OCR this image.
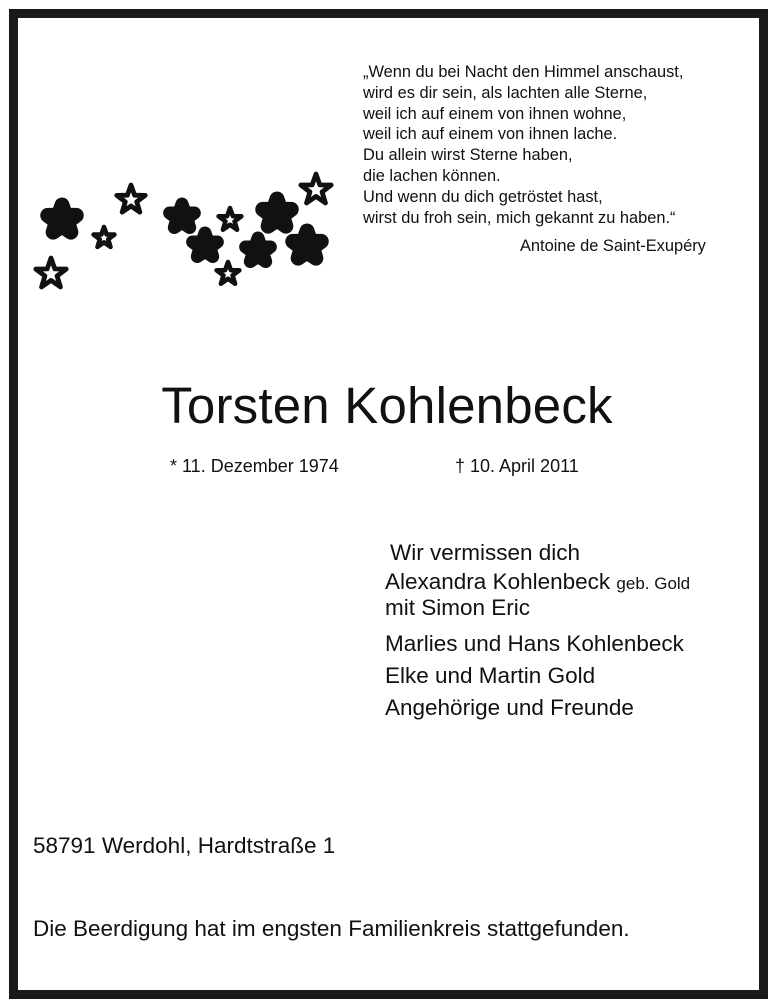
„Wenn du bei Nacht den Himmel anschaust,
wird es dir sein, als lachten alle Sterne,
weil ich auf einem von ihnen wohne,
weil ich auf einem von ihnen lache.
Du allein wirst Sterne haben,
die lachen können.
Und wenn du dich getröstet hast,
wirst du froh sein, mich gekannt zu haben.“
Antoine de Saint-Exupéry
Torsten Kohlenbeck
* 11. Dezember 1974	† 10. April 2011
Wir vermissen dich
Alexandra Kohlenbeck geb. Gold
mit Simon Eric
Marlies und Hans Kohlenbeck
Elke und Martin Gold
Angehörige und Freunde
58791 Werdohl, Hardtstraße 1
Die Beerdigung hat im engsten Familienkreis stattgefunden.
